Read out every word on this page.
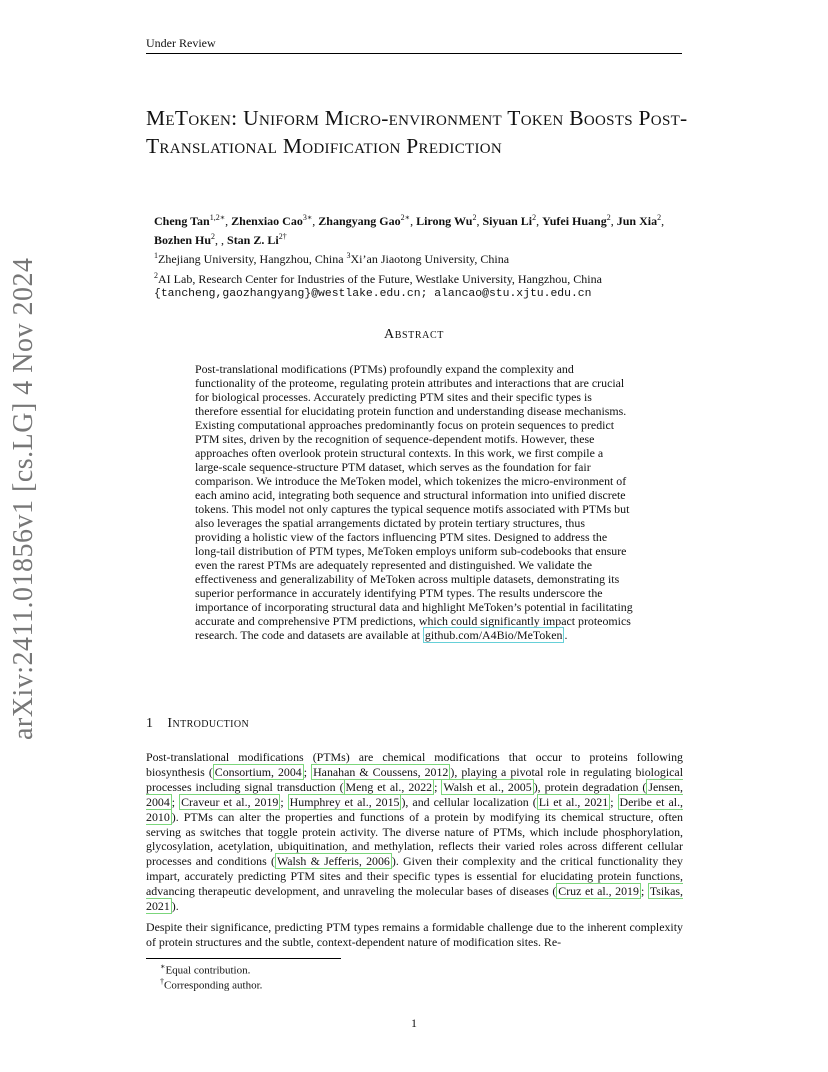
Under Review
arXiv:2411.01856v1 [cs.LG] 4 Nov 2024
MeToken: Uniform Micro-environment Token Boosts Post-Translational Modification Prediction
Cheng Tan$^{1,2∗}$, Zhenxiao Cao$^{3∗}$, Zhangyang Gao$^{2∗}$, Lirong Wu$^2$, Siyuan Li$^2$, Yufei Huang$^2$, Jun Xia$^2$, Bozhen Hu$^2$, , Stan Z. $Li^{2\dagger}$
$^1$Zhejiang University, Hangzhou, China $^3$Xi’an Jiaotong University, China
$^2$AI Lab, Research Center for Industries of the Future, Westlake University, Hangzhou, China
{tancheng,gaozhangyang}@westlake.edu.cn; alancao@stu.xjtu.edu.cn
Abstract

Post-translational modifications (PTMs) profoundly expand the complexity and functionality of the proteome, regulating protein attributes and interactions that are crucial for biological processes. Accurately predicting PTM sites and their specific types is therefore essential for elucidating protein function and understanding disease mechanisms. Existing computational approaches predominantly focus on protein sequences to predict PTM sites, driven by the recognition of sequence-dependent motifs. However, these approaches often overlook protein structural contexts. In this work, we first compile a large-scale sequence-structure PTM dataset, which serves as the foundation for fair comparison. We introduce the MeToken model, which tokenizes the micro-environment of each amino acid, integrating both sequence and structural information into unified discrete tokens. This model not only captures the typical sequence motifs associated with PTMs but also leverages the spatial arrangements dictated by protein tertiary structures, thus providing a holistic view of the factors influencing PTM sites. Designed to address the long-tail distribution of PTM types, MeToken employs uniform sub-codebooks that ensure even the rarest PTMs are adequately represented and distinguished. We validate the effectiveness and generalizability of MeToken across multiple datasets, demonstrating its superior performance in accurately identifying PTM types. The results underscore the importance of incorporating structural data and highlight MeToken’s potential in facilitating accurate and comprehensive PTM predictions, which could significantly impact proteomics research. The code and datasets are available at github.com/A4Bio/MeToken .

1 Introduction

Post-translational modifications (PTMs) are chemical modifications that occur to proteins following biosynthesis ( Consortium, 2004 ; Hanahan & Coussens, 2012 ), playing a pivotal role in regulating biological processes including signal transduction ( Meng et al., 2022 ; Walsh et al., 2005 ), protein degradation ( Jensen, 2004 ; Craveur et al., 2019 ; Humphrey et al., 2015 ), and cellular localization ( Li et al., 2021 ; Deribe et al., 2010 ). PTMs can alter the properties and functions of a protein by modifying its chemical structure, often serving as switches that toggle protein activity. The diverse nature of PTMs, which include phosphorylation, glycosylation, acetylation, ubiquitination, and methylation, reflects their varied roles across different cellular processes and conditions ( Walsh & Jefferis, 2006 ). Given their complexity and the critical functionality they impart, accurately predicting PTM sites and their specific types is essential for elucidating protein functions, advancing therapeutic development, and unraveling the molecular bases of diseases ( Cruz et al., 2019 ; Tsikas, 2021 ).

Despite their significance, predicting PTM types remains a formidable challenge due to the inherent complexity of protein structures and the subtle, context-dependent nature of modification sites. Re-

∗Equal contribution.
†Corresponding author.
1
